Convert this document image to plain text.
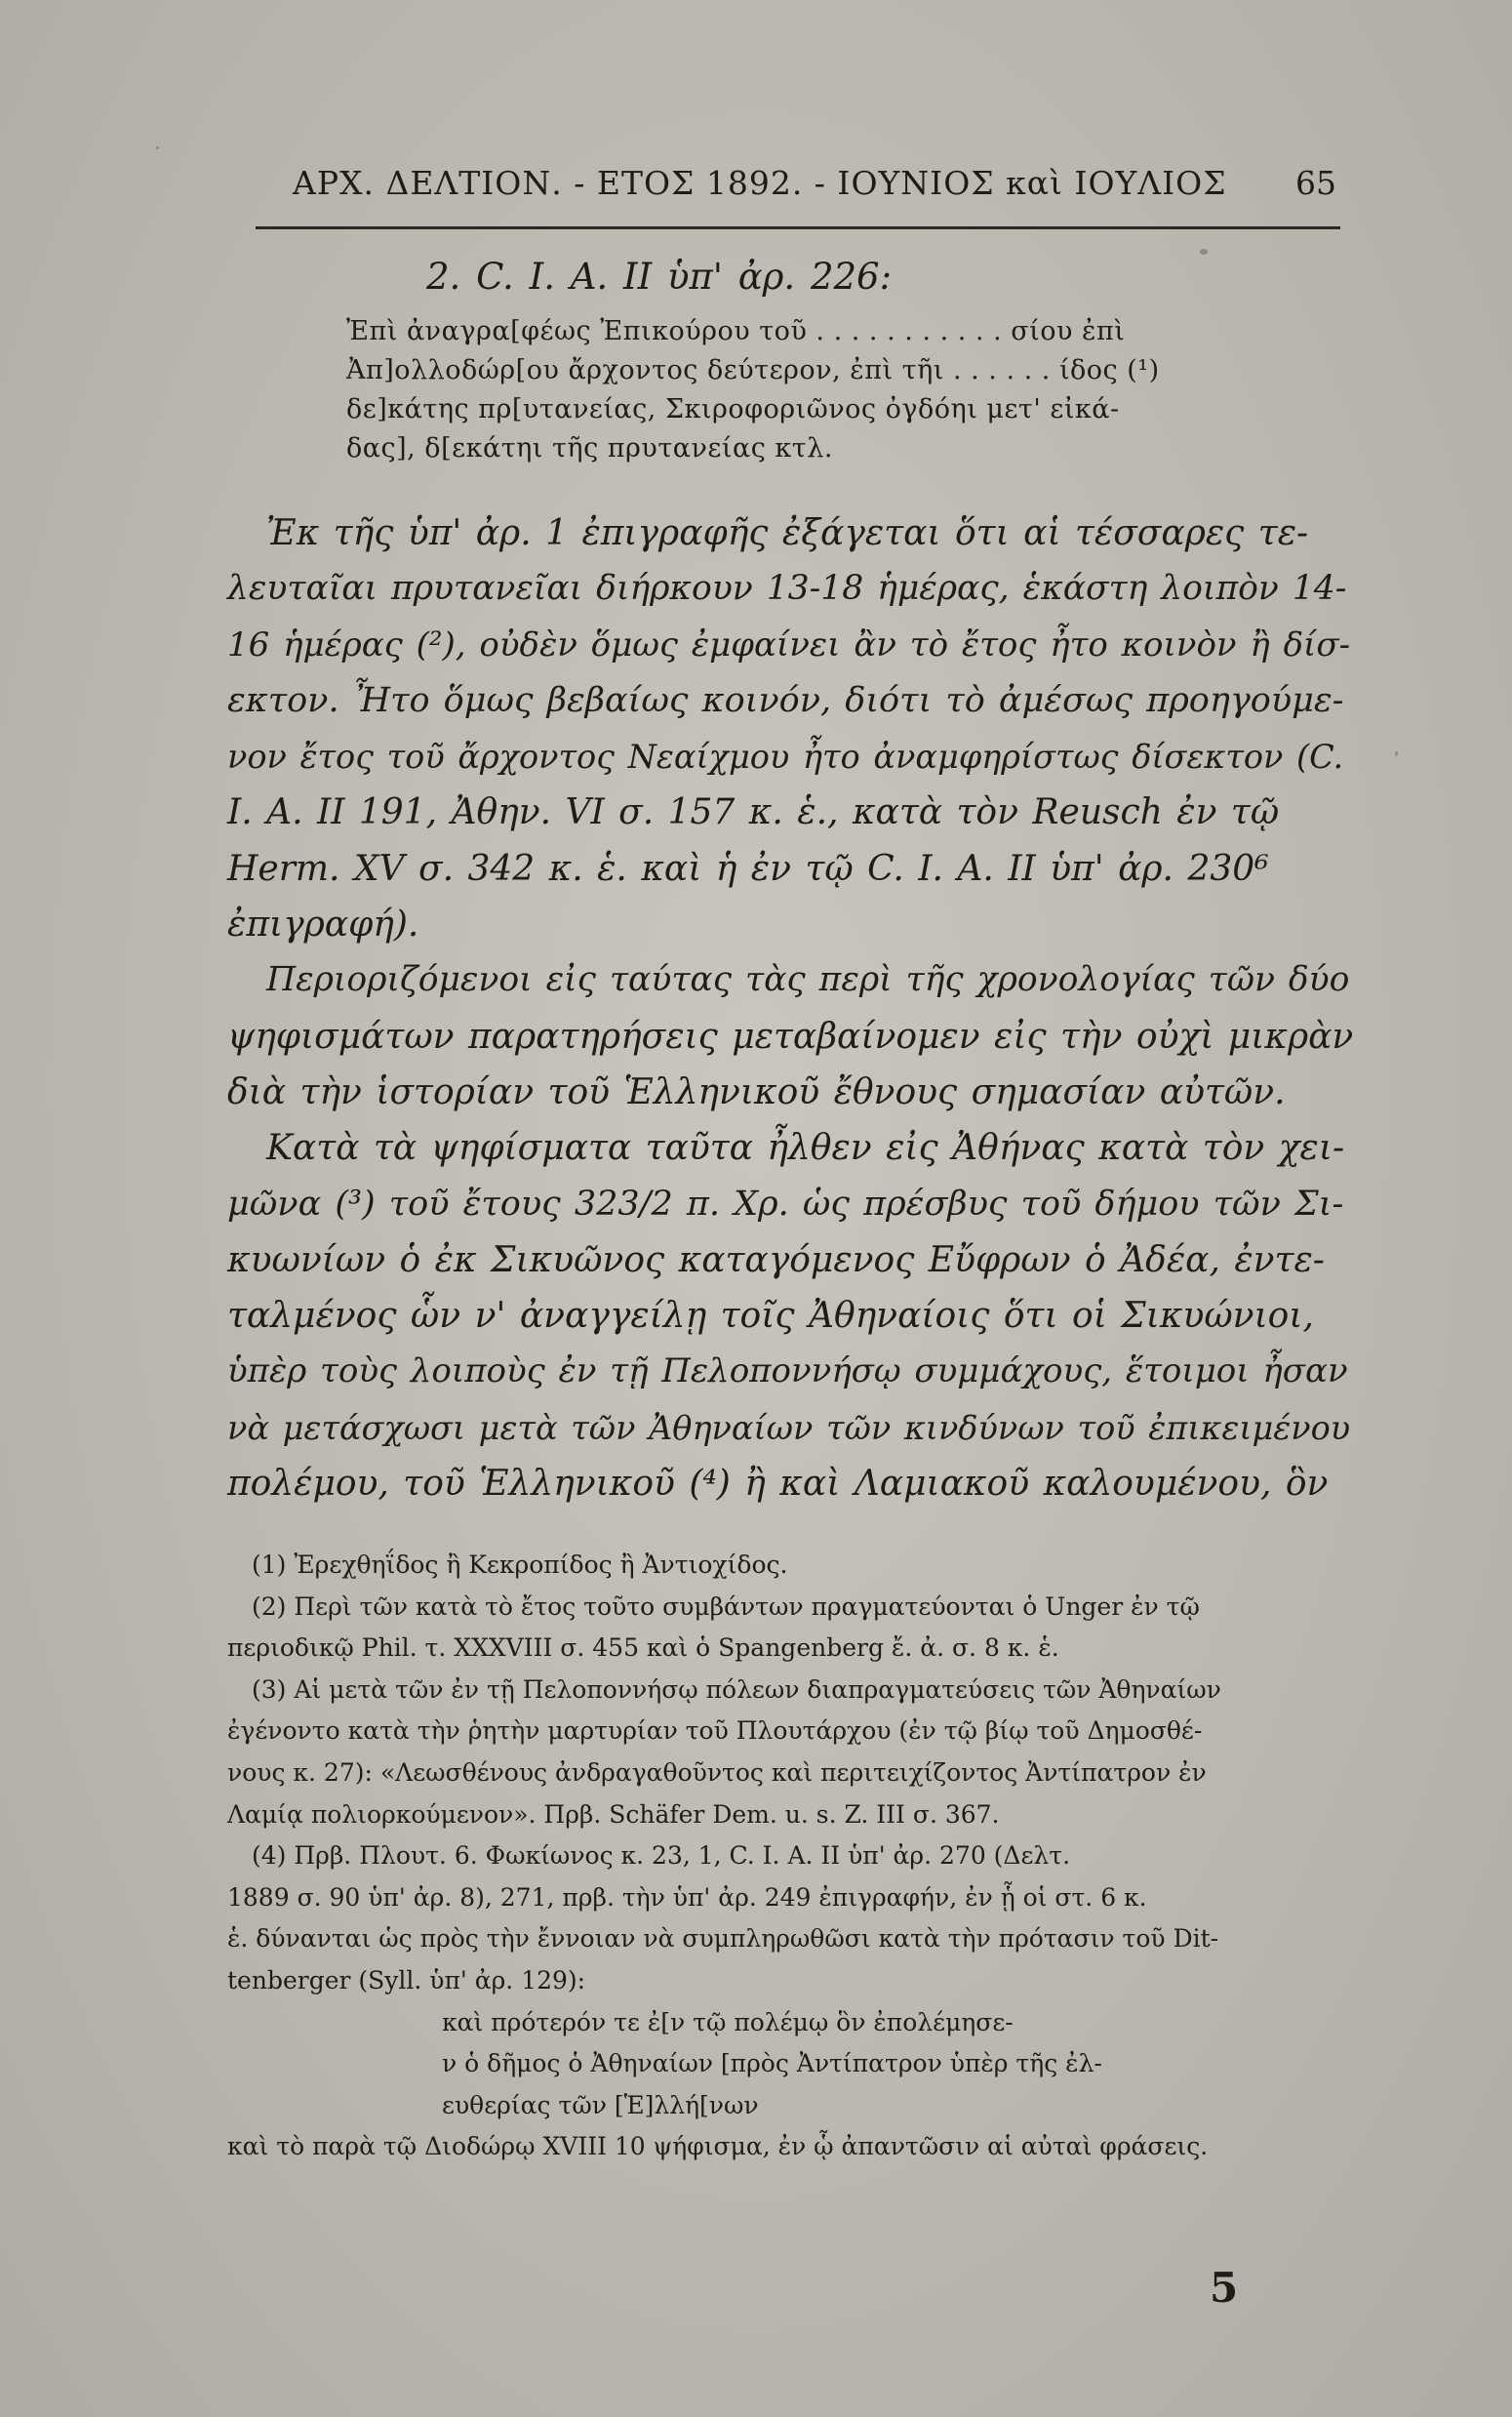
ΑΡΧ. ΔΕΛΤΙΟΝ. - ΕΤΟΣ 1892. - ΙΟΥΝΙΟΣ καὶ ΙΟΥΛΙΟΣ 65
2. C. I. A. II ὑπ' ἀρ. 226:
Ἐπὶ ἀναγρα[φέως Ἐπικούρου τοῦ . . . . . . . . . . . σίου ἐπὶ
Ἀπ]ολλοδώρ[ου ἄρχοντος δεύτερον, ἐπὶ τῆι . . . . . . ίδος (¹)
δε]κάτης πρ[υτανείας, Σκιροφοριῶνος ὀγδόηι μετ' εἰκά-
δας], δ[εκάτηι τῆς πρυτανείας κτλ.
Ἐκ τῆς ὑπ' ἀρ. 1 ἐπιγραφῆς ἐξάγεται ὅτι αἱ τέσσαρες τε-
λευταῖαι πρυτανεῖαι διήρκουν 13-18 ἡμέρας, ἑκάστη λοιπὸν 14-
16 ἡμέρας (²), οὐδὲν ὅμως ἐμφαίνει ἂν τὸ ἔτος ἦτο κοινὸν ἢ δίσ-
εκτον. Ἦτο ὅμως βεβαίως κοινόν, διότι τὸ ἀμέσως προηγούμε-
νον ἔτος τοῦ ἄρχοντος Νεαίχμου ἦτο ἀναμφηρίστως δίσεκτον (C.
I. A. II 191, Ἀθην. VI σ. 157 κ. ἑ., κατὰ τὸν Reusch ἐν τῷ
Herm. XV σ. 342 κ. ἑ. καὶ ἡ ἐν τῷ C. I. A. II ὑπ' ἀρ. 230⁶
ἐπιγραφή).
Περιοριζόμενοι εἰς ταύτας τὰς περὶ τῆς χρονολογίας τῶν δύο
ψηφισμάτων παρατηρήσεις μεταβαίνομεν εἰς τὴν οὐχὶ μικρὰν
διὰ τὴν ἱστορίαν τοῦ Ἑλληνικοῦ ἔθνους σημασίαν αὐτῶν.
Κατὰ τὰ ψηφίσματα ταῦτα ἦλθεν εἰς Ἀθήνας κατὰ τὸν χει-
μῶνα (³) τοῦ ἔτους 323/2 π. Χρ. ὡς πρέσβυς τοῦ δήμου τῶν Σι-
κυωνίων ὁ ἐκ Σικυῶνος καταγόμενος Εὔφρων ὁ Ἀδέα, ἐντε-
ταλμένος ὧν ν' ἀναγγείλῃ τοῖς Ἀθηναίοις ὅτι οἱ Σικυώνιοι,
ὑπὲρ τοὺς λοιποὺς ἐν τῇ Πελοποννήσῳ συμμάχους, ἕτοιμοι ἦσαν
νὰ μετάσχωσι μετὰ τῶν Ἀθηναίων τῶν κινδύνων τοῦ ἐπικειμένου
πολέμου, τοῦ Ἑλληνικοῦ (⁴) ἢ καὶ Λαμιακοῦ καλουμένου, ὃν
(1) Ἐρεχθηΐδος ἢ Κεκροπίδος ἢ Ἀντιοχίδος.
(2) Περὶ τῶν κατὰ τὸ ἔτος τοῦτο συμβάντων πραγματεύονται ὁ Unger ἐν τῷ
περιοδικῷ Phil. τ. XXXVIII σ. 455 καὶ ὁ Spangenberg ἔ. ἀ. σ. 8 κ. ἑ.
(3) Αἱ μετὰ τῶν ἐν τῇ Πελοποννήσῳ πόλεων διαπραγματεύσεις τῶν Ἀθηναίων
ἐγένοντο κατὰ τὴν ῥητὴν μαρτυρίαν τοῦ Πλουτάρχου (ἐν τῷ βίῳ τοῦ Δημοσθέ-
νους κ. 27): «Λεωσθένους ἀνδραγαθοῦντος καὶ περιτειχίζοντος Ἀντίπατρον ἐν
Λαμίᾳ πολιορκούμενον». Πρβ. Schäfer Dem. u. s. Z. III σ. 367.
(4) Πρβ. Πλουτ. 6. Φωκίωνος κ. 23, 1, C. I. A. II ὑπ' ἀρ. 270 (Δελτ.
1889 σ. 90 ὑπ' ἀρ. 8), 271, πρβ. τὴν ὑπ' ἀρ. 249 ἐπιγραφήν, ἐν ᾗ οἱ στ. 6 κ.
ἑ. δύνανται ὡς πρὸς τὴν ἔννοιαν νὰ συμπληρωθῶσι κατὰ τὴν πρότασιν τοῦ Dit-
tenberger (Syll. ὑπ' ἀρ. 129):
καὶ πρότερόν τε ἐ[ν τῷ πολέμῳ ὃν ἐπολέμησε-
ν ὁ δῆμος ὁ Ἀθηναίων [πρὸς Ἀντίπατρον ὑπὲρ τῆς ἐλ-
ευθερίας τῶν [Ἑ]λλή[νων
καὶ τὸ παρὰ τῷ Διοδώρῳ XVIII 10 ψήφισμα, ἐν ᾧ ἀπαντῶσιν αἱ αὐταὶ φράσεις.
5
